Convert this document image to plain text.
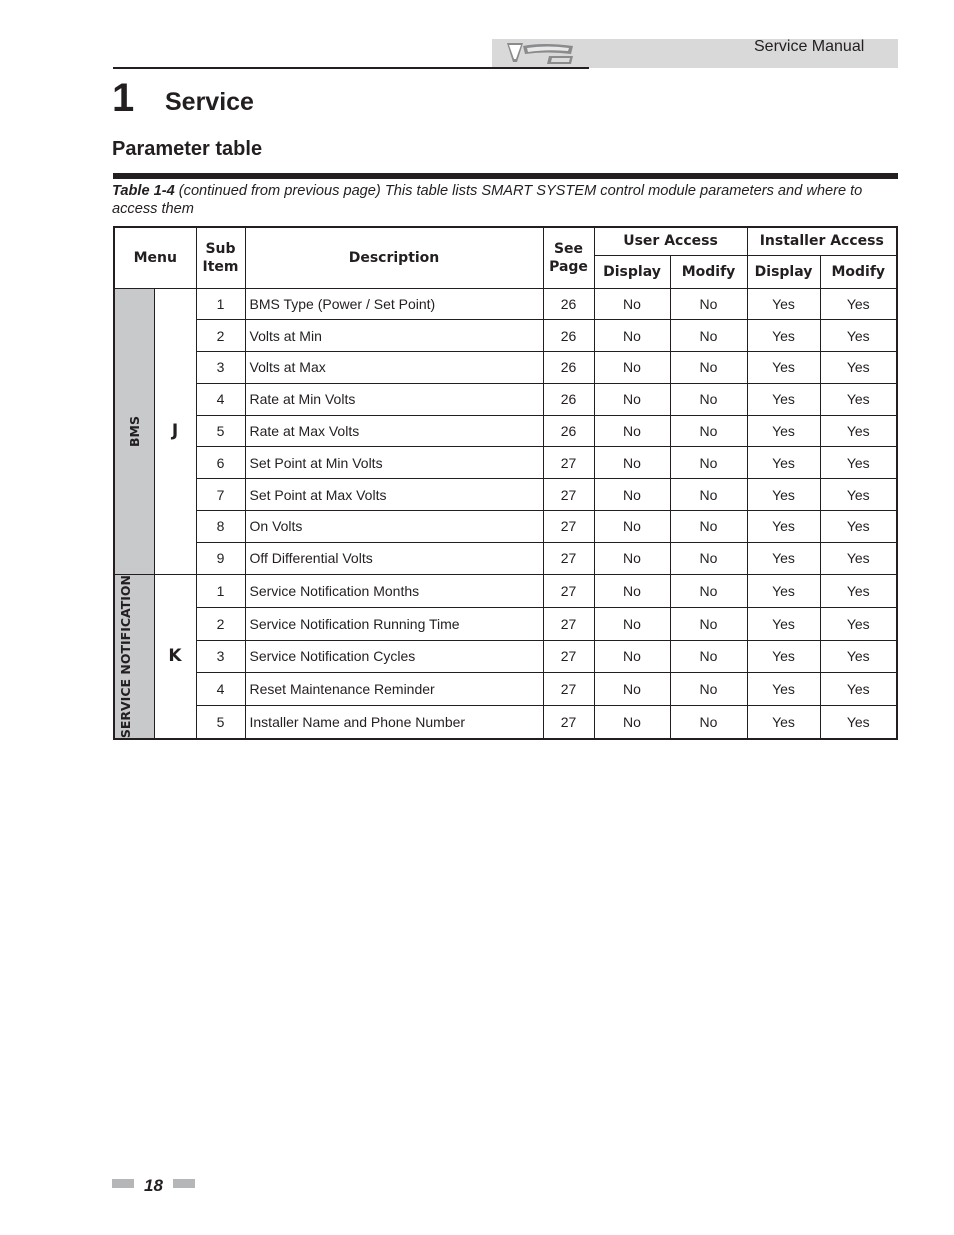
Service Manual
1 Service
Parameter table
Table 1-4 (continued from previous page) This table lists SMART SYSTEM control module parameters and where to access them
Menu		Sub Item	Description	See Page	User Access		Installer Access	
					Display	Modify	Display	Modify

BMS	J	1	BMS Type (Power / Set Point)	26	No	No	Yes	Yes
		2	Volts at Min	26	No	No	Yes	Yes
		3	Volts at Max	26	No	No	Yes	Yes
		4	Rate at Min Volts	26	No	No	Yes	Yes
		5	Rate at Max Volts	26	No	No	Yes	Yes
		6	Set Point at Min Volts	27	No	No	Yes	Yes
		7	Set Point at Max Volts	27	No	No	Yes	Yes
		8	On Volts	27	No	No	Yes	Yes
		9	Off Differential Volts	27	No	No	Yes	Yes

SERVICE NOTIFICATION	K	1	Service Notification Months	27	No	No	Yes	Yes
		2	Service Notification Running Time	27	No	No	Yes	Yes
		3	Service Notification Cycles	27	No	No	Yes	Yes
		4	Reset Maintenance Reminder	27	No	No	Yes	Yes
		5	Installer Name and Phone Number	27	No	No	Yes	Yes
18
